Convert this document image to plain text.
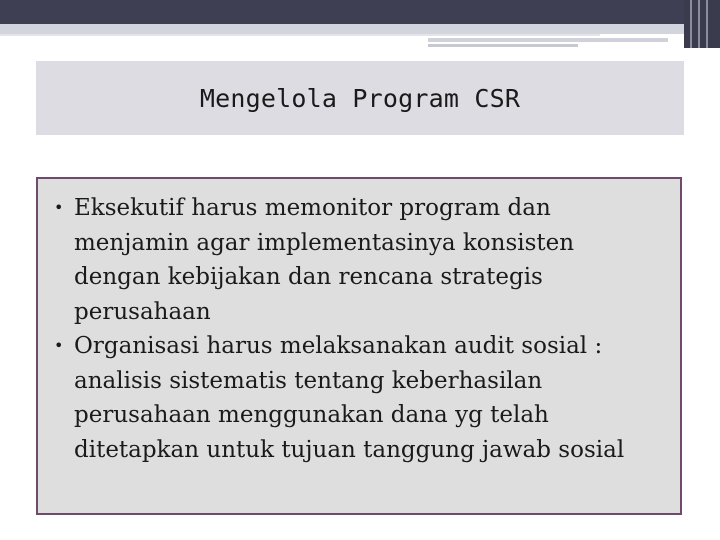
Mengelola Program CSR
• Eksekutif harus memonitor program dan menjamin agar implementasinya konsisten dengan kebijakan dan rencana strategis perusahaan
• Organisasi harus melaksanakan audit sosial : analisis sistematis tentang keberhasilan perusahaan menggunakan dana yg telah ditetapkan untuk tujuan tanggung jawab sosial
